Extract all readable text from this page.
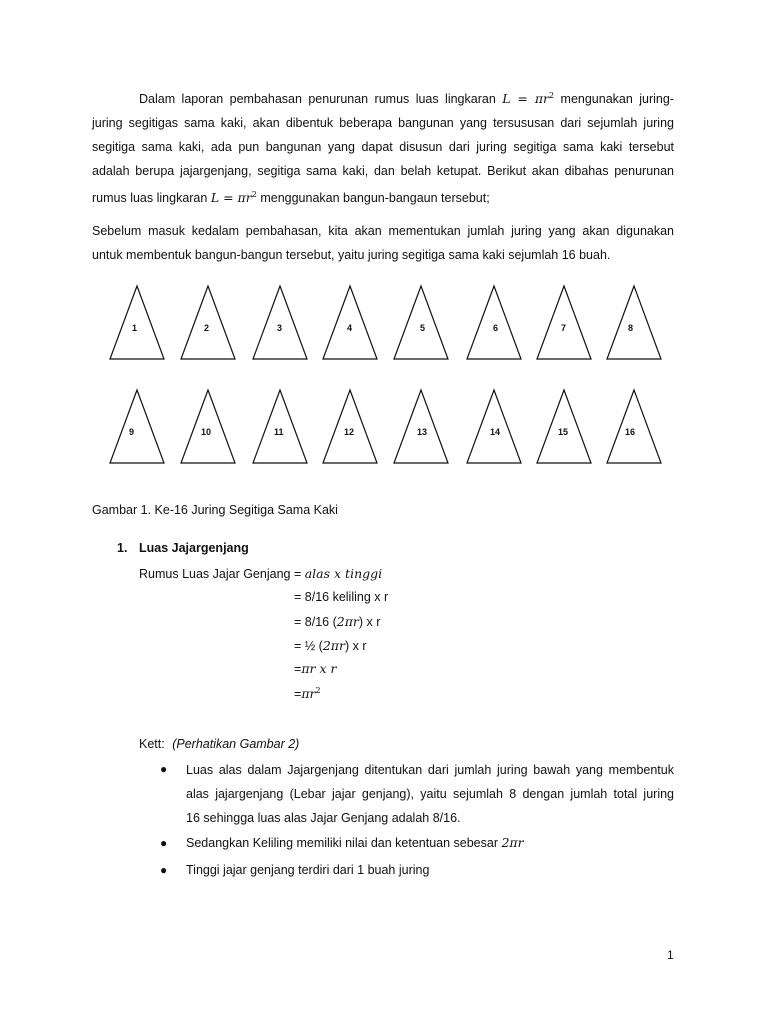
Dalam laporan pembahasan penurunan rumus luas lingkaran $L = \pi r^2$ mengunakan juring-

juring segitigas sama kaki, akan dibentuk beberapa bangunan yang tersususan dari sejumlah juring

segitiga sama kaki, ada pun bangunan yang dapat disusun dari juring segitiga sama kaki tersebut

adalah berupa jajargenjang, segitiga sama kaki, dan belah ketupat. Berikut akan dibahas penurunan

rumus luas lingkaran $L = \pi r^2$ menggunakan bangun-bangaun tersebut;

Sebelum masuk kedalam pembahasan, kita akan mementukan jumlah juring yang akan digunakan

untuk membentuk bangun-bangun tersebut, yaitu juring segitiga sama kaki sejumlah 16 buah.

1	2	3	4	5	6	7	8
9	10	11	12	13	14	15	16
Gambar 1. Ke-16 Juring Segitiga Sama Kaki
1. Luas Jajargenjang
Rumus Luas Jajar Genjang = alas x tinggi
= 8/16 keliling x r
= 8/16 (2πr) x r
= ½ (2πr) x r
=πr x r
$=\pi r^2$
Kett: (Perhatikan Gambar 2)
● Luas alas dalam Jajargenjang ditentukan dari jumlah juring bawah yang membentuk
alas jajargenjang (Lebar jajar genjang), yaitu sejumlah 8 dengan jumlah total juring
16 sehingga luas alas Jajar Genjang adalah 8/16.
● Sedangkan Keliling memiliki nilai dan ketentuan sebesar 2πr
● Tinggi jajar genjang terdiri dari 1 buah juring
1
